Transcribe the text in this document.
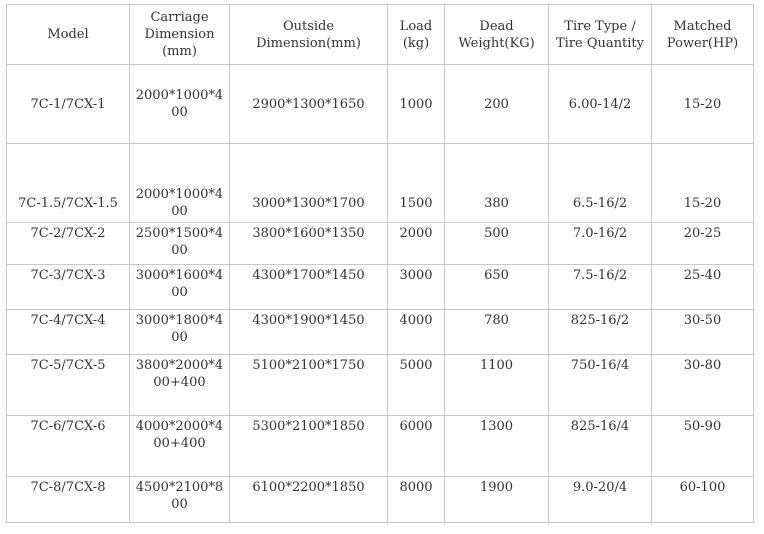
Model	Carriage Dimension (mm)	Outside Dimension(mm)	Load (kg)	Dead Weight(KG)	Tire Type / Tire Quantity	Matched Power(HP)
7C-1/7CX-1	2000*1000*400	2900*1300*1650	1000	200	6.00-14/2	15-20
7C-1.5/7CX-1.5	2000*1000*400	3000*1300*1700	1500	380	6.5-16/2	15-20
7C-2/7CX-2	2500*1500*400	3800*1600*1350	2000	500	7.0-16/2	20-25
7C-3/7CX-3	3000*1600*400	4300*1700*1450	3000	650	7.5-16/2	25-40
7C-4/7CX-4	3000*1800*400	4300*1900*1450	4000	780	825-16/2	30-50
7C-5/7CX-5	3800*2000*400+400	5100*2100*1750	5000	1100	750-16/4	30-80
7C-6/7CX-6	4000*2000*400+400	5300*2100*1850	6000	1300	825-16/4	50-90
7C-8/7CX-8	4500*2100*800	6100*2200*1850	8000	1900	9.0-20/4	60-100
